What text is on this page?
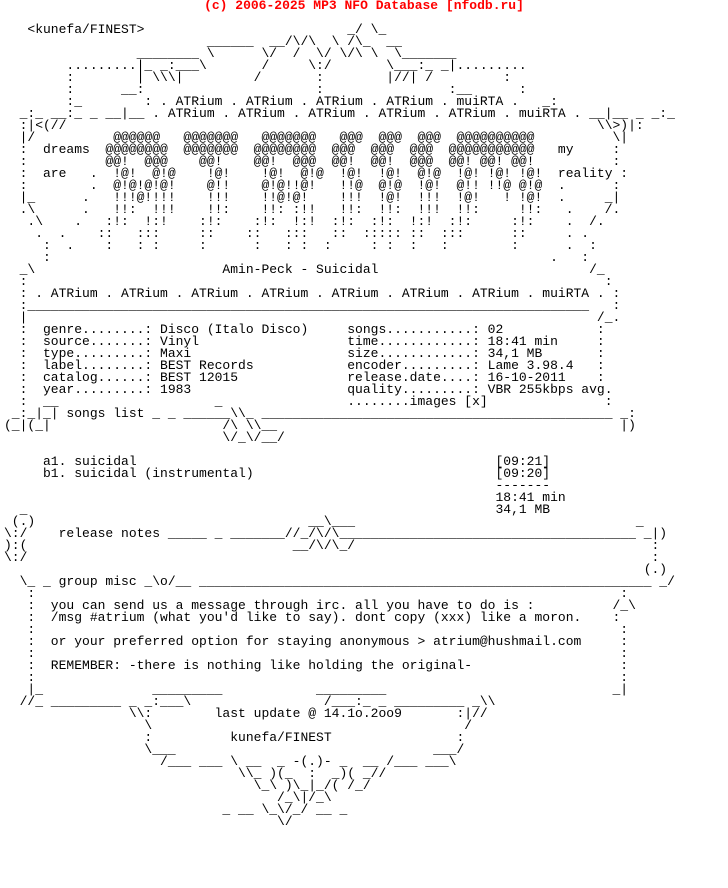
(c) 2006-2025 MP3 NFO Database [nfodb.ru]

<kunefa/FINEST>                          _/ \_
______  __/\/\  \ /\_  __
________ \      \/  /  \/ \/\ \  \_______
.........|_ _:___\       /     \:/       \___:_ _|.........
:        | \\\|         /       :        |//| /         :
:      __:                      :                :__      :
:_        : . ATRium . ATRium . ATRium . ATRium . muiRTA .   _:
_:_ __:_ _ __|__ . ATRium . ATRium . ATRium . ATRium . ATRium . muiRTA . __|__ _ _:_
:|<(//                                                                    \\>)|:
|/          @@@@@@   @@@@@@@   @@@@@@@   @@@  @@@  @@@  @@@@@@@@@@          \|
:  dreams  @@@@@@@@  @@@@@@@  @@@@@@@@  @@@  @@@  @@@  @@@@@@@@@@@   my     :
:          @@!  @@@    @@!    @@!  @@@  @@!  @@!  @@@  @@! @@! @@!          :
:  are   .  !@!  @!@    !@!    !@!  @!@  !@!  !@!  @!@  !@! !@! !@!  reality :
:        .  @!@!@!@!    @!!    @!@!!@!   !!@  @!@  !@!  @!! !!@ @!@  .      :
|_      .   !!!@!!!!    !!!    !!@!@!    !!!  !@!  !!!  !@!   ! !@!  .     _|
.\      .   !!:  !!!    !!:    !!: :!!   !!:  !!:  !!!  !!:     !!:   .    /.
.\    .   :!:  !:!    :!:    :!:  !:!  :!:  :!:  !:!  :!:     :!:    .  /.
.  .    ::   :::     ::    ::   :::   ::  ::::: ::  :::      ::     . .
:  .    :   : :     :      :   : :  :     : :  :   :        :      .  :
:                                                                .   :
_\                        Amin-Peck - Suicidal                           /_
:                                                                          :
: . ATRium . ATRium . ATRium . ATRium . ATRium . ATRium . ATRium . muiRTA . :
:________________________________________________________________________   :
|                                                                         /_.
:  genre........: Disco (Italo Disco)     songs...........: 02            :
:  source.......: Vinyl                   time............: 18:41 min     :
:  type.........: Maxi                    size............: 34,1 MB       :
:  label........: BEST Records            encoder.........: Lame 3.98.4   :
:  catalog......: BEST 12015              release.date....: 16-10-2011    :
:  year.........: 1983                    quality.........: VBR 255kbps avg.
:  __                    _                ........images [x]               :
_:_|_| songs list _ _ ______\\_ _____________________________________________ _:
(_|(_|                      /\ \\__                                            |)
\/_\/__/

a1. suicidal                                              [09:21]
b1. suicidal (instrumental)                               [09:20]
-------
18:41 min
_                                                            34,1 MB
(.)                                   __\___                                    _
\:/    release notes _____ _ _______//_/\/\______________________________________ _|)
):(                                  __/\/\_/                                      :
\:/                                                                                :
(.)
\_ _ group misc _\o/__ __________________________________________________________ _/
:                                                                           :
:  you can send us a message through irc. all you have to do is :          /_\
:  /msg #atrium (what you'd like to say). dont copy (xxx) like a moron.    :
:                                                                           :
:  or your preferred option for staying anonymous > atrium@hushmail.com     :
:                                                                           :
:  REMEMBER: -there is nothing like holding the original-                   :
:                                                                           :
|_              _________            _________                             _|
//_ _________ _ _:___\                 /___:_ _ _________ _\\
\\:        last update @ 14.1o.2oo9       :|//
\                                        /
:          kunefa/FINEST                :
\___                                 ___/
/___ ___ \ __  _ -(.)- _  __ /___ ___\
\\_ )(_  :  _)( _//
\_\ )\_|_/( /_/
/_\|/_\
_ __ \_\/_/ __ _
\/
